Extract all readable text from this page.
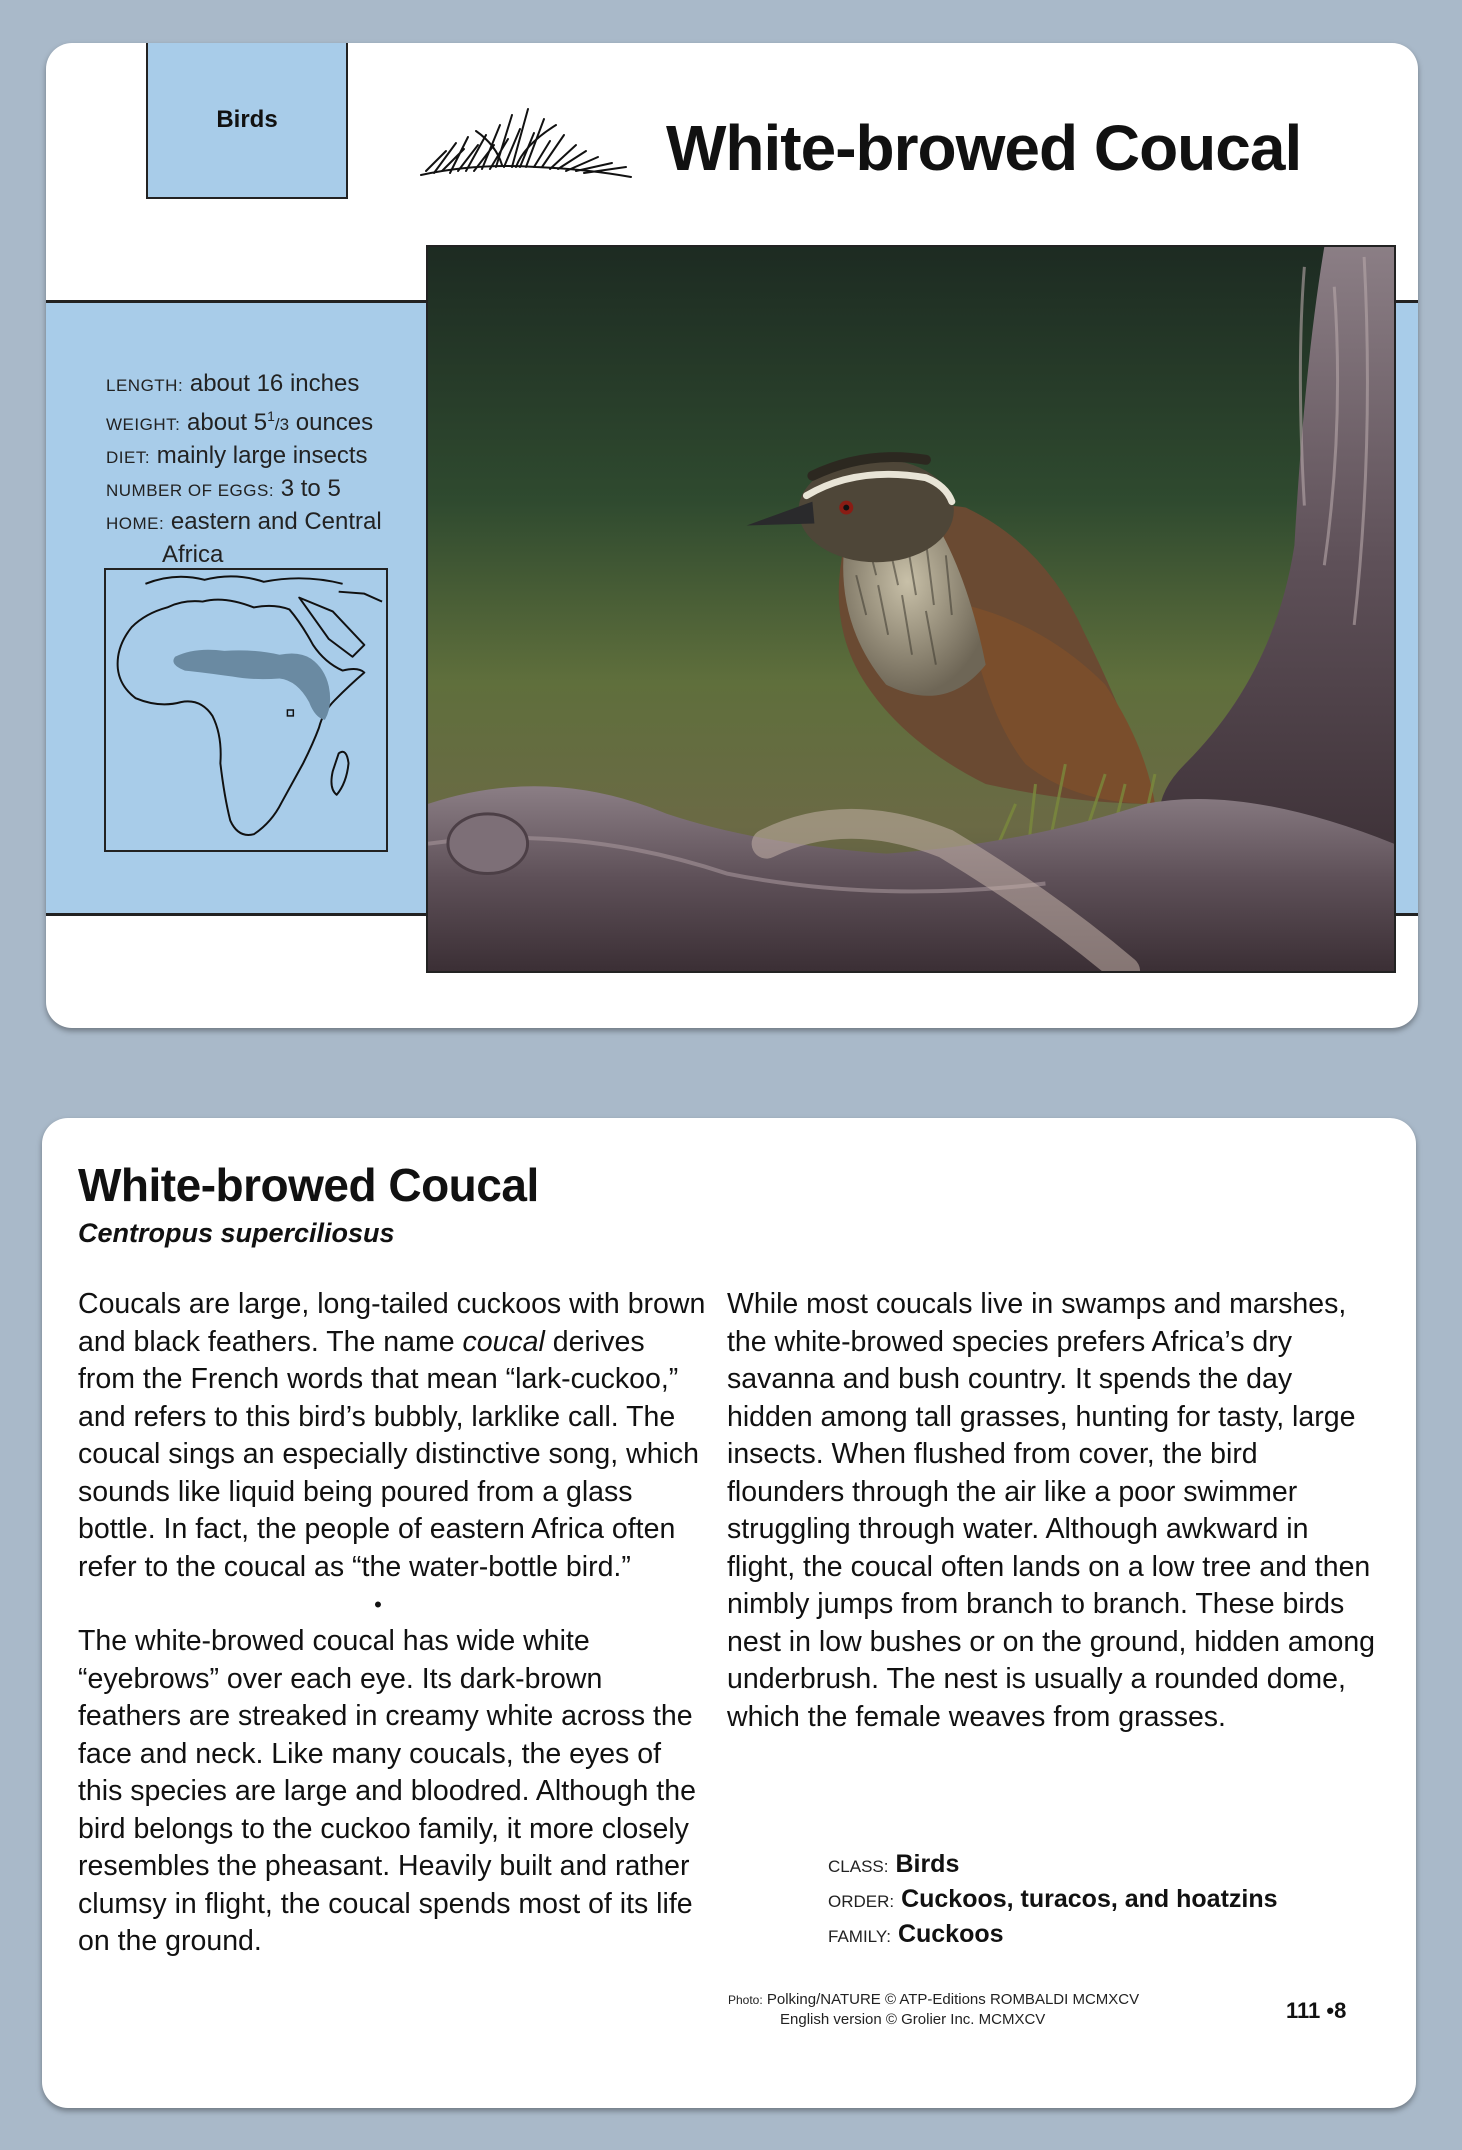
Birds	White-browed Coucal
LENGTH: about 16 inches
WEIGHT: about $5^1/3$ ounces
DIET: mainly large insects
NUMBER OF EGGS: 3 to 5
HOME: eastern and Central
Africa
White-browed Coucal
Centropus superciliosus

Coucals are large, long-tailed cuckoos with brown and black feathers. The name coucal derives from the French words that mean “lark-cuckoo,” and refers to this bird’s bubbly, larklike call. The coucal sings an especially distinctive song, which sounds like liquid being poured from a glass bottle. In fact, the people of eastern Africa often refer to the coucal as “the water-bottle bird.”

•

The white-browed coucal has wide white “eyebrows” over each eye. Its dark-brown feathers are streaked in creamy white across the face and neck. Like many coucals, the eyes of this species are large and bloodred. Although the bird belongs to the cuckoo family, it more closely resembles the pheasant. Heavily built and rather clumsy in flight, the coucal spends most of its life on the ground.

While most coucals live in swamps and marshes, the white-browed species prefers Africa’s dry savanna and bush country. It spends the day hidden among tall grasses, hunting for tasty, large insects. When flushed from cover, the bird flounders through the air like a poor swimmer struggling through water. Although awkward in flight, the coucal often lands on a low tree and then nimbly jumps from branch to branch. These birds nest in low bushes or on the ground, hidden among underbrush. The nest is usually a rounded dome, which the female weaves from grasses.

CLASS: Birds
ORDER: Cuckoos, turacos, and hoatzins
FAMILY: Cuckoos
Photo: Polking/NATURE © ATP-Editions ROMBALDI MCMXCV
English version © Grolier Inc. MCMXCV	111 •8
